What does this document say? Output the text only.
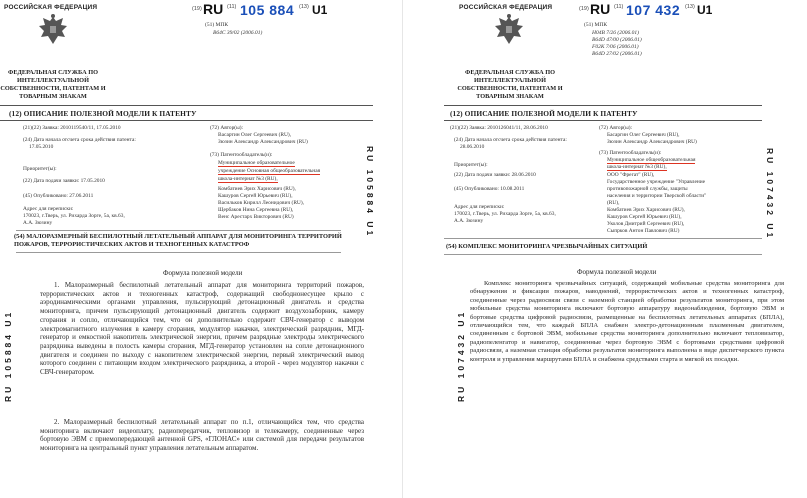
РОССИЙСКАЯ ФЕДЕРАЦИЯ	(19) RU (11) 105 884 (13) U1

(51) МПК

B64C 39/02 (2006.01)

ФЕДЕРАЛЬНАЯ СЛУЖБА ПО ИНТЕЛЛЕКТУАЛЬНОЙ СОБСТВЕННОСТИ, ПАТЕНТАМ И ТОВАРНЫМ ЗНАКАМ

(12) ОПИСАНИЕ ПОЛЕЗНОЙ МОДЕЛИ К ПАТЕНТУ

(21)(22) Заявка: 2010119540/11, 17.05.2010

(24) Дата начала отсчета срока действия патента:

17.05.2010

Приоритет(ы):

(22) Дата подачи заявки: 17.05.2010

(45) Опубликовано: 27.06.2011

Адрес для переписки:

170023, г.Тверь, ул. Рихарда Зорге, 5а, кв.63,

А.А. Зюзину

(72) Автор(ы):

Васартин Олег Сергеевич (RU),

Зюзин Александр Александрович (RU)

(73) Патентообладатель(и):

Муниципальное образовательное

учреждение Основная общеобразовательная

школа-интернат №3 (RU),

Комбатиев Эрих Харисович (RU),

Кашуров Сергей Юрьевич (RU),

Васильков Кирилл Леонидович (RU),

Щербаков Нина Сергеевна (RU),

Венс Арестарх Викторович (RU)

(54) МАЛОРАЗМЕРНЫЙ БЕСПИЛОТНЫЙ ЛЕТАТЕЛЬНЫЙ АППАРАТ ДЛЯ МОНИТОРИНГА ТЕРРИТОРИЙ ПОЖАРОВ, ТЕРРОРИСТИЧЕСКИХ АКТОВ И ТЕХНОГЕННЫХ КАТАСТРОФ

RU 105884 U1
RU 105884 U1

Формула полезной модели

1. Малоразмерный беспилотный летательный аппарат для мониторинга территорий пожаров, террористических актов и техногенных катастроф, содержащий свободнонесущее крыло с аэродинамическими органами управления, пульсирующий детонационный двигатель и средства мониторинга, причем пульсирующий детонационный двигатель содержит воздухозаборник, камеру сгорания и сопло, отличающийся тем, что он дополнительно содержит СВЧ-генератор с выводом электромагнитного излучения в камеру сгорания, модулятор накачки, электрический разрядник, МГД-генератор и емкостной накопитель электрической энергии, причем разрядные электроды электрического разрядника выведены в полость камеры сгорания, МГД-генератор установлен на сопле детонационного двигателя и соединен по выходу с накопителем электрической энергии, первый электрический вывод которого соединен с питающим входом электрического разрядника, а второй - через модулятор накачки с СВЧ-генератором.

2. Малоразмерный беспилотный летательный аппарат по п.1, отличающийся тем, что средства мониторинга включают видеоплату, радиопередатчик, тепловизор и телекамеру, соединенные через бортовую ЭВМ с приемопередающей антенной GPS, «ГЛОНАС» или системой для передачи результатов мониторинга на центральный пункт управления летательным аппаратом.

РОССИЙСКАЯ ФЕДЕРАЦИЯ	(19) RU (11) 107 432 (13) U1

(51) МПК

H04B 7/26 (2006.01)

B64D 47/00 (2006.01)

F02K 7/06 (2006.01)

B64D 27/02 (2006.01)

ФЕДЕРАЛЬНАЯ СЛУЖБА ПО ИНТЕЛЛЕКТУАЛЬНОЙ СОБСТВЕННОСТИ, ПАТЕНТАМ И ТОВАРНЫМ ЗНАКАМ

(12) ОПИСАНИЕ ПОЛЕЗНОЙ МОДЕЛИ К ПАТЕНТУ

(21)(22) Заявка: 2010126041/11, 28.06.2010

(24) Дата начала отсчета срока действия патента:

28.06.2010

Приоритет(ы):

(22) Дата подачи заявки: 28.06.2010

(45) Опубликовано: 10.08.2011

Адрес для переписки:

170023, г.Тверь, ул. Рихарда Зорге, 5а, кв.63,

А.А. Зюзину

(72) Автор(ы):

Басаргин Олег Сергеевич (RU),

Зюзин Александр Александрович (RU)

(73) Патентообладатель(и):

Муниципальное общеобразовательная

школа-интернат №3 (RU),

ООО "Фрегат" (RU),

Государственное учреждение "Управление

противопожарной службы, защиты

населения и территории Тверской области"

(RU),

Комбатиев Эрих Харисович (RU),

Кашуров Сергей Юрьевич (RU),

Уколов Дмитрий Сергеевич (RU),

Сыпрков Антон Павлович (RU)

(54) КОМПЛЕКС МОНИТОРИНГА ЧРЕЗВЫЧАЙНЫХ СИТУАЦИЙ

RU 107432 U1
RU 107432 U1

Формула полезной модели

Комплекс мониторинга чрезвычайных ситуаций, содержащий мобильные средства мониторинга для обнаружения и фиксации пожаров, наводнений, террористических актов и техногенных катастроф, соединенные через радиосвязи связи с наземной станцией обработки результатов мониторинга, при этом мобильные средства мониторинга включают бортовую аппаратуру видеонаблюдения, бортовую ЭВМ и бортовые средства цифровой радиосвязи, размещенные на беспилотных летательных аппаратах (БПЛА), отличающийся тем, что каждый БПЛА снабжен электро-детонационным плазменным двигателем, соединенным с бортовой ЭВМ, мобильные средства мониторинга дополнительно включают тепловизатор, радиопеленгатор и навигатор, соединенные через бортовую ЭВМ с бортовыми средствами цифровой радиосвязи, а наземная станция обработки результатов мониторинга выполнена в виде диспетчерского пункта контроля и управления маршрутами БПЛА и снабжена средствами старта и мягкой их посадки.
